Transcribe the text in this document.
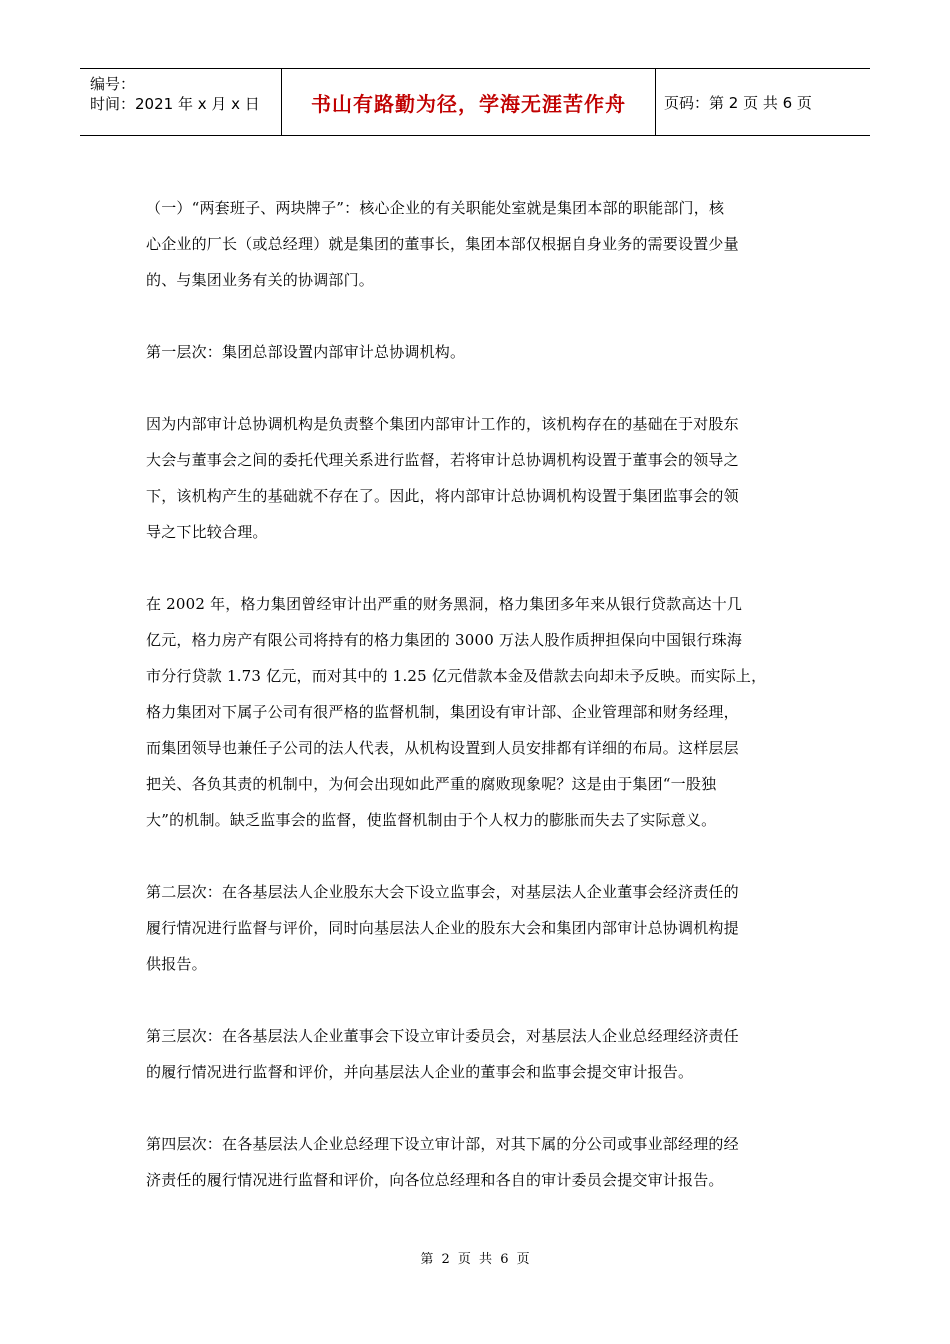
编号：
时间：2021 年 x 月 x 日	书山有路勤为径，学海无涯苦作舟	页码：第 2 页 共 6 页

（一）“两套班子、两块牌子”：核心企业的有关职能处室就是集团本部的职能部门，核
心企业的厂长（或总经理）就是集团的董事长，集团本部仅根据自身业务的需要设置少量
的、与集团业务有关的协调部门。

第一层次：集团总部设置内部审计总协调机构。

因为内部审计总协调机构是负责整个集团内部审计工作的，该机构存在的基础在于对股东
大会与董事会之间的委托代理关系进行监督，若将审计总协调机构设置于董事会的领导之
下，该机构产生的基础就不存在了。因此，将内部审计总协调机构设置于集团监事会的领
导之下比较合理。

在 2002 年，格力集团曾经审计出严重的财务黑洞，格力集团多年来从银行贷款高达十几
亿元，格力房产有限公司将持有的格力集团的 3000 万法人股作质押担保向中国银行珠海
市分行贷款 1.73 亿元，而对其中的 1.25 亿元借款本金及借款去向却未予反映。而实际上，
格力集团对下属子公司有很严格的监督机制，集团设有审计部、企业管理部和财务经理，
而集团领导也兼任子公司的法人代表，从机构设置到人员安排都有详细的布局。这样层层
把关、各负其责的机制中，为何会出现如此严重的腐败现象呢？这是由于集团“一股独
大”的机制。缺乏监事会的监督，使监督机制由于个人权力的膨胀而失去了实际意义。

第二层次：在各基层法人企业股东大会下设立监事会，对基层法人企业董事会经济责任的
履行情况进行监督与评价，同时向基层法人企业的股东大会和集团内部审计总协调机构提
供报告。

第三层次：在各基层法人企业董事会下设立审计委员会，对基层法人企业总经理经济责任
的履行情况进行监督和评价，并向基层法人企业的董事会和监事会提交审计报告。

第四层次：在各基层法人企业总经理下设立审计部，对其下属的分公司或事业部经理的经
济责任的履行情况进行监督和评价，向各位总经理和各自的审计委员会提交审计报告。

第 2 页 共 6 页
